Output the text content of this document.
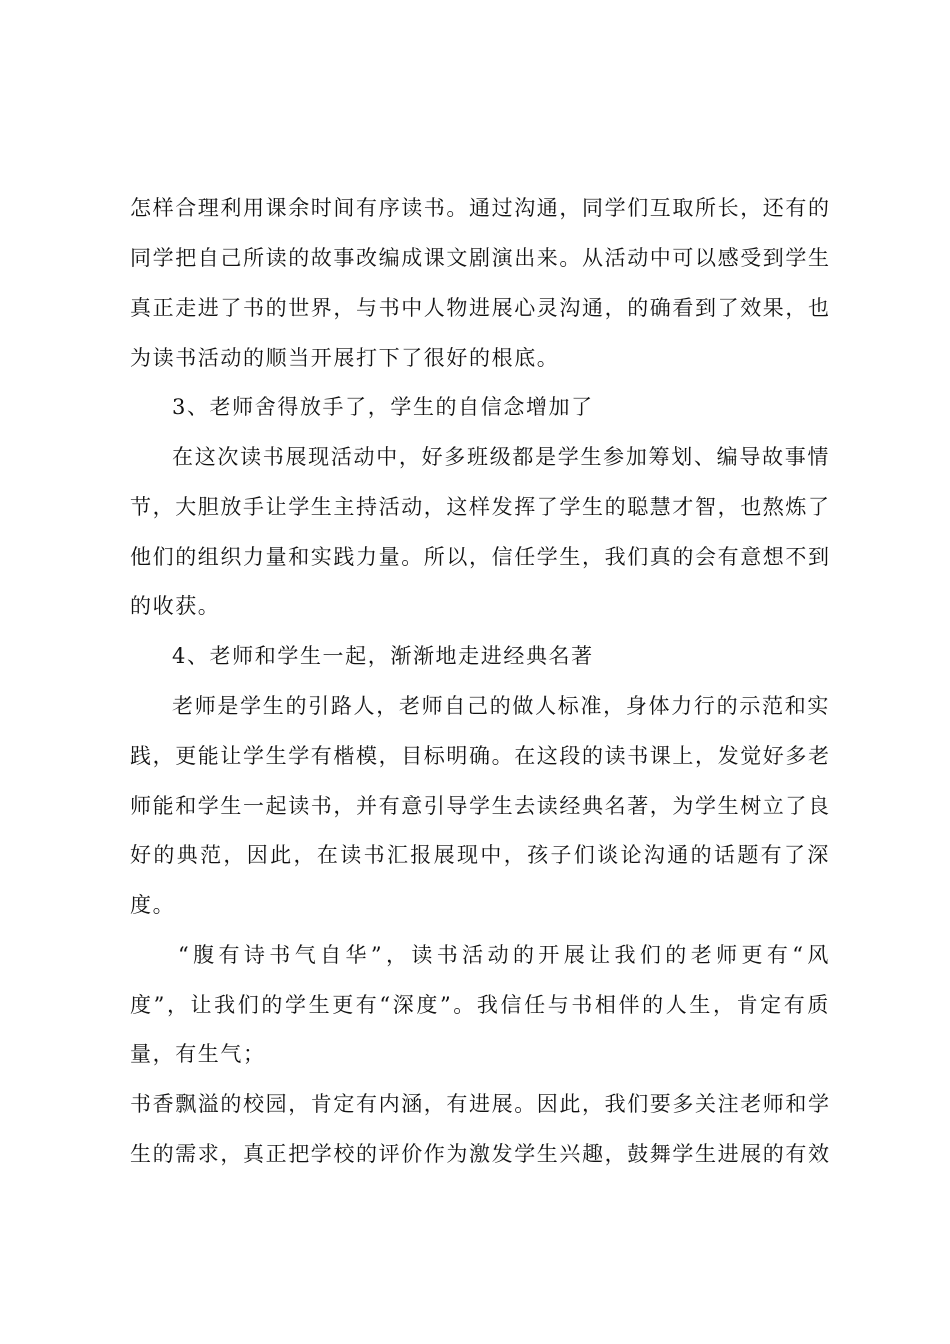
怎样合理利用课余时间有序读书。通过沟通，同学们互取所长，还有的
同学把自己所读的故事改编成课文剧演出来。从活动中可以感受到学生
真正走进了书的世界，与书中人物进展心灵沟通，的确看到了效果，也
为读书活动的顺当开展打下了很好的根底。
3、老师舍得放手了，学生的自信念增加了
在这次读书展现活动中，好多班级都是学生参加筹划、编导故事情
节，大胆放手让学生主持活动，这样发挥了学生的聪慧才智，也熬炼了
他们的组织力量和实践力量。所以，信任学生，我们真的会有意想不到
的收获。
4、老师和学生一起，渐渐地走进经典名著
老师是学生的引路人，老师自己的做人标准，身体力行的示范和实
践，更能让学生学有楷模，目标明确。在这段的读书课上，发觉好多老
师能和学生一起读书，并有意引导学生去读经典名著，为学生树立了良
好的典范，因此，在读书汇报展现中，孩子们谈论沟通的话题有了深
度。
“腹有诗书气自华”，读书活动的开展让我们的老师更有“风
度”，让我们的学生更有“深度”。我信任与书相伴的人生，肯定有质
量，有生气；
书香飘溢的校园，肯定有内涵，有进展。因此，我们要多关注老师和学
生的需求，真正把学校的评价作为激发学生兴趣，鼓舞学生进展的有效
